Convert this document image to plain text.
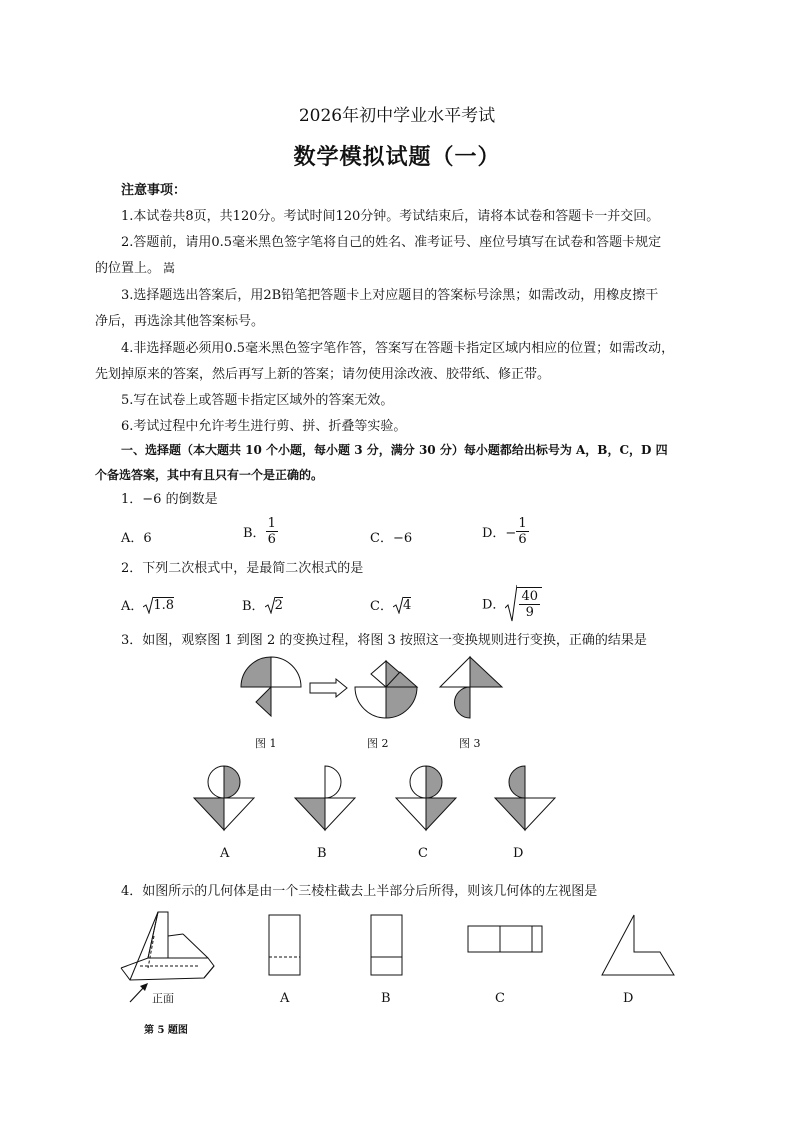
2026年初中学业水平考试
数学模拟试题（一）
注意事项：
1.本试卷共8页，共120分。考试时间120分钟。考试结束后，请将本试卷和答题卡一并交回。
2.答题前，请用0.5毫米黑色签字笔将自己的姓名、准考证号、座位号填写在试卷和答题卡规定
的位置上。 嵩
3.选择题选出答案后，用2B铅笔把答题卡上对应题目的答案标号涂黑；如需改动，用橡皮擦干
净后，再选涂其他答案标号。
4.非选择题必须用0.5毫米黑色签字笔作答，答案写在答题卡指定区域内相应的位置；如需改动，
先划掉原来的答案，然后再写上新的答案；请勿使用涂改液、胶带纸、修正带。
5.写在试卷上或答题卡指定区域外的答案无效。
6.考试过程中允许考生进行剪、拼、折叠等实验。
一、选择题（本大题共 10 个小题，每小题 3 分，满分 30 分）每小题都给出标号为 A，B，C，D 四
个备选答案，其中有且只有一个是正确的。
1．−6 的倒数是
A．6	B． $\frac{1}{6}$	C．−6	D．− $\frac{1}{6}$
2．下列二次根式中，是最简二次根式的是
A． 1.8	B． 2	C． 4	D． $\frac{40}{9}$
3．如图，观察图 1 到图 2 的变换过程，将图 3 按照这一变换规则进行变换，正确的结果是
图 1	图 2	图 3
A	B	C	D
4．如图所示的几何体是由一个三棱柱截去上半部分后所得，则该几何体的左视图是
正面
第 5 题图
A	B	C	D
